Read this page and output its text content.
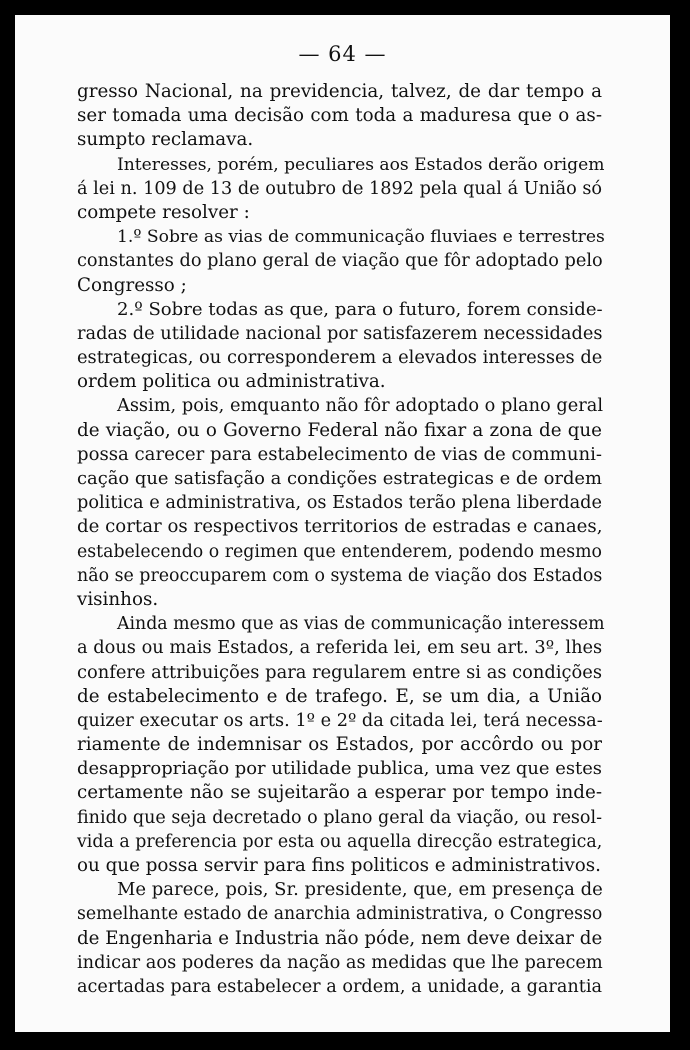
— 64 —
gresso Nacional, na previdencia, talvez, de dar tempo a
ser tomada uma decisão com toda a maduresa que o as-
sumpto reclamava.
Interesses, porém, peculiares aos Estados derão origem
á lei n. 109 de 13 de outubro de 1892 pela qual á União só
compete resolver :
1.º Sobre as vias de communicação fluviaes e terrestres
constantes do plano geral de viação que fôr adoptado pelo
Congresso ;
2.º Sobre todas as que, para o futuro, forem conside-
radas de utilidade nacional por satisfazerem necessidades
estrategicas, ou corresponderem a elevados interesses de
ordem politica ou administrativa.
Assim, pois, emquanto não fôr adoptado o plano geral
de viação, ou o Governo Federal não fixar a zona de que
possa carecer para estabelecimento de vias de communi-
cação que satisfação a condições estrategicas e de ordem
politica e administrativa, os Estados terão plena liberdade
de cortar os respectivos territorios de estradas e canaes,
estabelecendo o regimen que entenderem, podendo mesmo
não se preoccuparem com o systema de viação dos Estados
visinhos.
Ainda mesmo que as vias de communicação interessem
a dous ou mais Estados, a referida lei, em seu art. 3º, lhes
confere attribuições para regularem entre si as condições
de estabelecimento e de trafego. E, se um dia, a União
quizer executar os arts. 1º e 2º da citada lei, terá necessa-
riamente de indemnisar os Estados, por accôrdo ou por
desappropriação por utilidade publica, uma vez que estes
certamente não se sujeitarão a esperar por tempo inde-
finido que seja decretado o plano geral da viação, ou resol-
vida a preferencia por esta ou aquella direcção estrategica,
ou que possa servir para fins politicos e administrativos.
Me parece, pois, Sr. presidente, que, em presença de
semelhante estado de anarchia administrativa, o Congresso
de Engenharia e Industria não póde, nem deve deixar de
indicar aos poderes da nação as medidas que lhe parecem
acertadas para estabelecer a ordem, a unidade, a garantia
